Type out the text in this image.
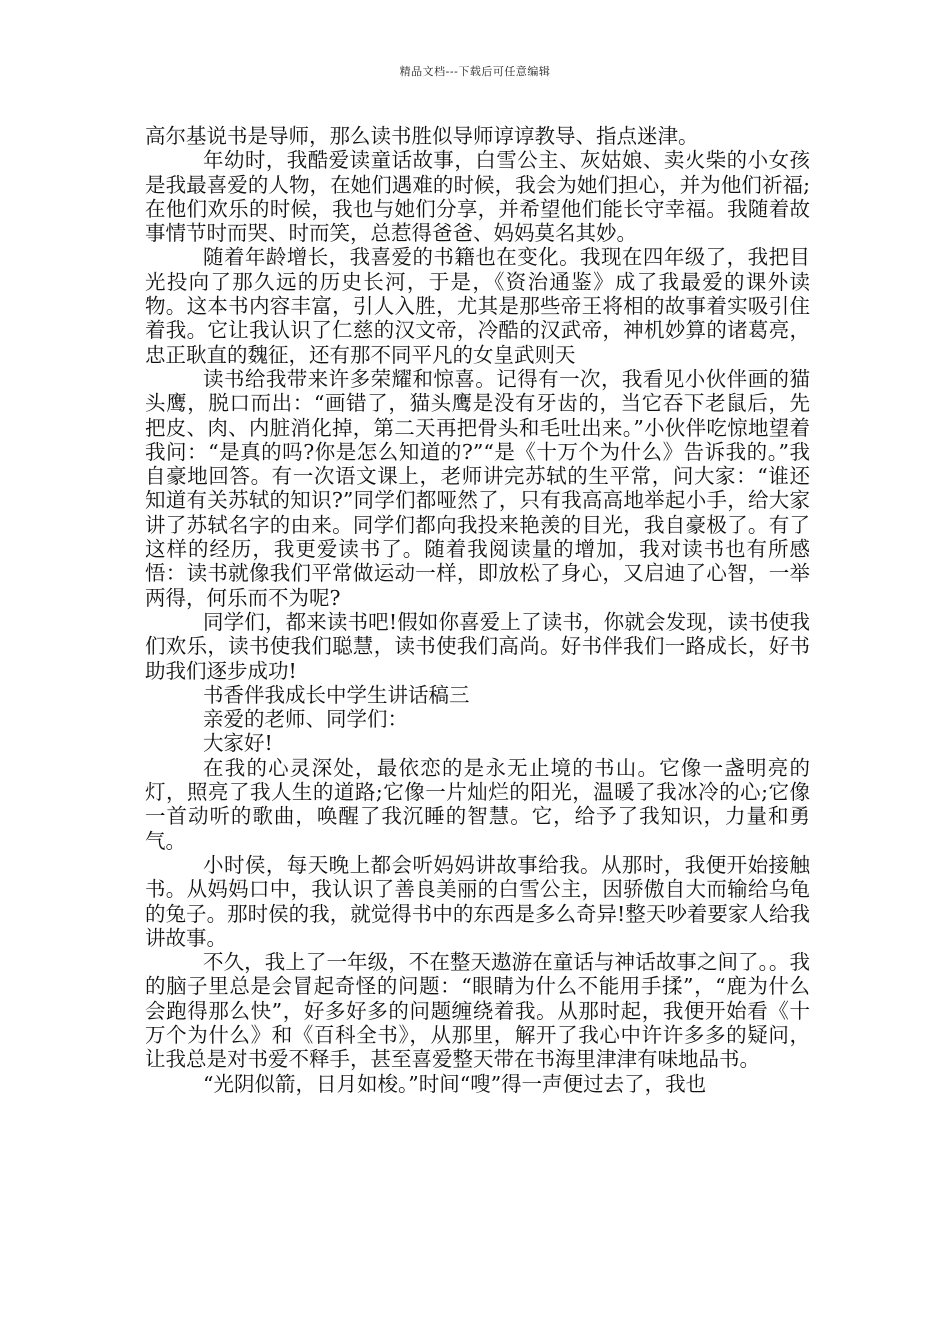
精品文档---下载后可任意编辑

高尔基说书是导师，那么读书胜似导师谆谆教导、指点迷津。

年幼时，我酷爱读童话故事，白雪公主、灰姑娘、卖火柴的小女孩是我最喜爱的人物，在她们遇难的时候，我会为她们担心，并为他们祈福;在他们欢乐的时候，我也与她们分享，并希望他们能长守幸福。我随着故事情节时而哭、时而笑，总惹得爸爸、妈妈莫名其妙。

随着年龄增长，我喜爱的书籍也在变化。我现在四年级了，我把目光投向了那久远的历史长河，于是，《资治通鉴》成了我最爱的课外读物。这本书内容丰富，引人入胜，尤其是那些帝王将相的故事着实吸引住着我。它让我认识了仁慈的汉文帝，冷酷的汉武帝，神机妙算的诸葛亮，忠正耿直的魏征，还有那不同平凡的女皇武则天

读书给我带来许多荣耀和惊喜。记得有一次，我看见小伙伴画的猫头鹰，脱口而出：“画错了，猫头鹰是没有牙齿的，当它吞下老鼠后，先把皮、肉、内脏消化掉，第二天再把骨头和毛吐出来。”小伙伴吃惊地望着我问：“是真的吗?你是怎么知道的?”“是《十万个为什么》告诉我的。”我自豪地回答。有一次语文课上，老师讲完苏轼的生平常，问大家：“谁还知道有关苏轼的知识?”同学们都哑然了，只有我高高地举起小手，给大家讲了苏轼名字的由来。同学们都向我投来艳羡的目光，我自豪极了。有了这样的经历，我更爱读书了。随着我阅读量的增加，我对读书也有所感悟：读书就像我们平常做运动一样，即放松了身心，又启迪了心智，一举两得，何乐而不为呢?

同学们，都来读书吧!假如你喜爱上了读书，你就会发现，读书使我们欢乐，读书使我们聪慧，读书使我们高尚。好书伴我们一路成长，好书助我们逐步成功!

书香伴我成长中学生讲话稿三

亲爱的老师、同学们：

大家好!

在我的心灵深处，最依恋的是永无止境的书山。它像一盏明亮的灯，照亮了我人生的道路;它像一片灿烂的阳光，温暖了我冰冷的心;它像一首动听的歌曲，唤醒了我沉睡的智慧。它，给予了我知识，力量和勇气。

小时侯，每天晚上都会听妈妈讲故事给我。从那时，我便开始接触书。从妈妈口中，我认识了善良美丽的白雪公主，因骄傲自大而输给乌龟的兔子。那时侯的我，就觉得书中的东西是多么奇异!整天吵着要家人给我讲故事。

不久，我上了一年级，不在整天遨游在童话与神话故事之间了。。我的脑子里总是会冒起奇怪的问题：“眼睛为什么不能用手揉”，“鹿为什么会跑得那么快”，好多好多的问题缠绕着我。从那时起，我便开始看《十万个为什么》和《百科全书》，从那里，解开了我心中许许多多的疑问，让我总是对书爱不释手，甚至喜爱整天带在书海里津津有味地品书。

“光阴似箭，日月如梭。”时间“嗖”得一声便过去了，我也
